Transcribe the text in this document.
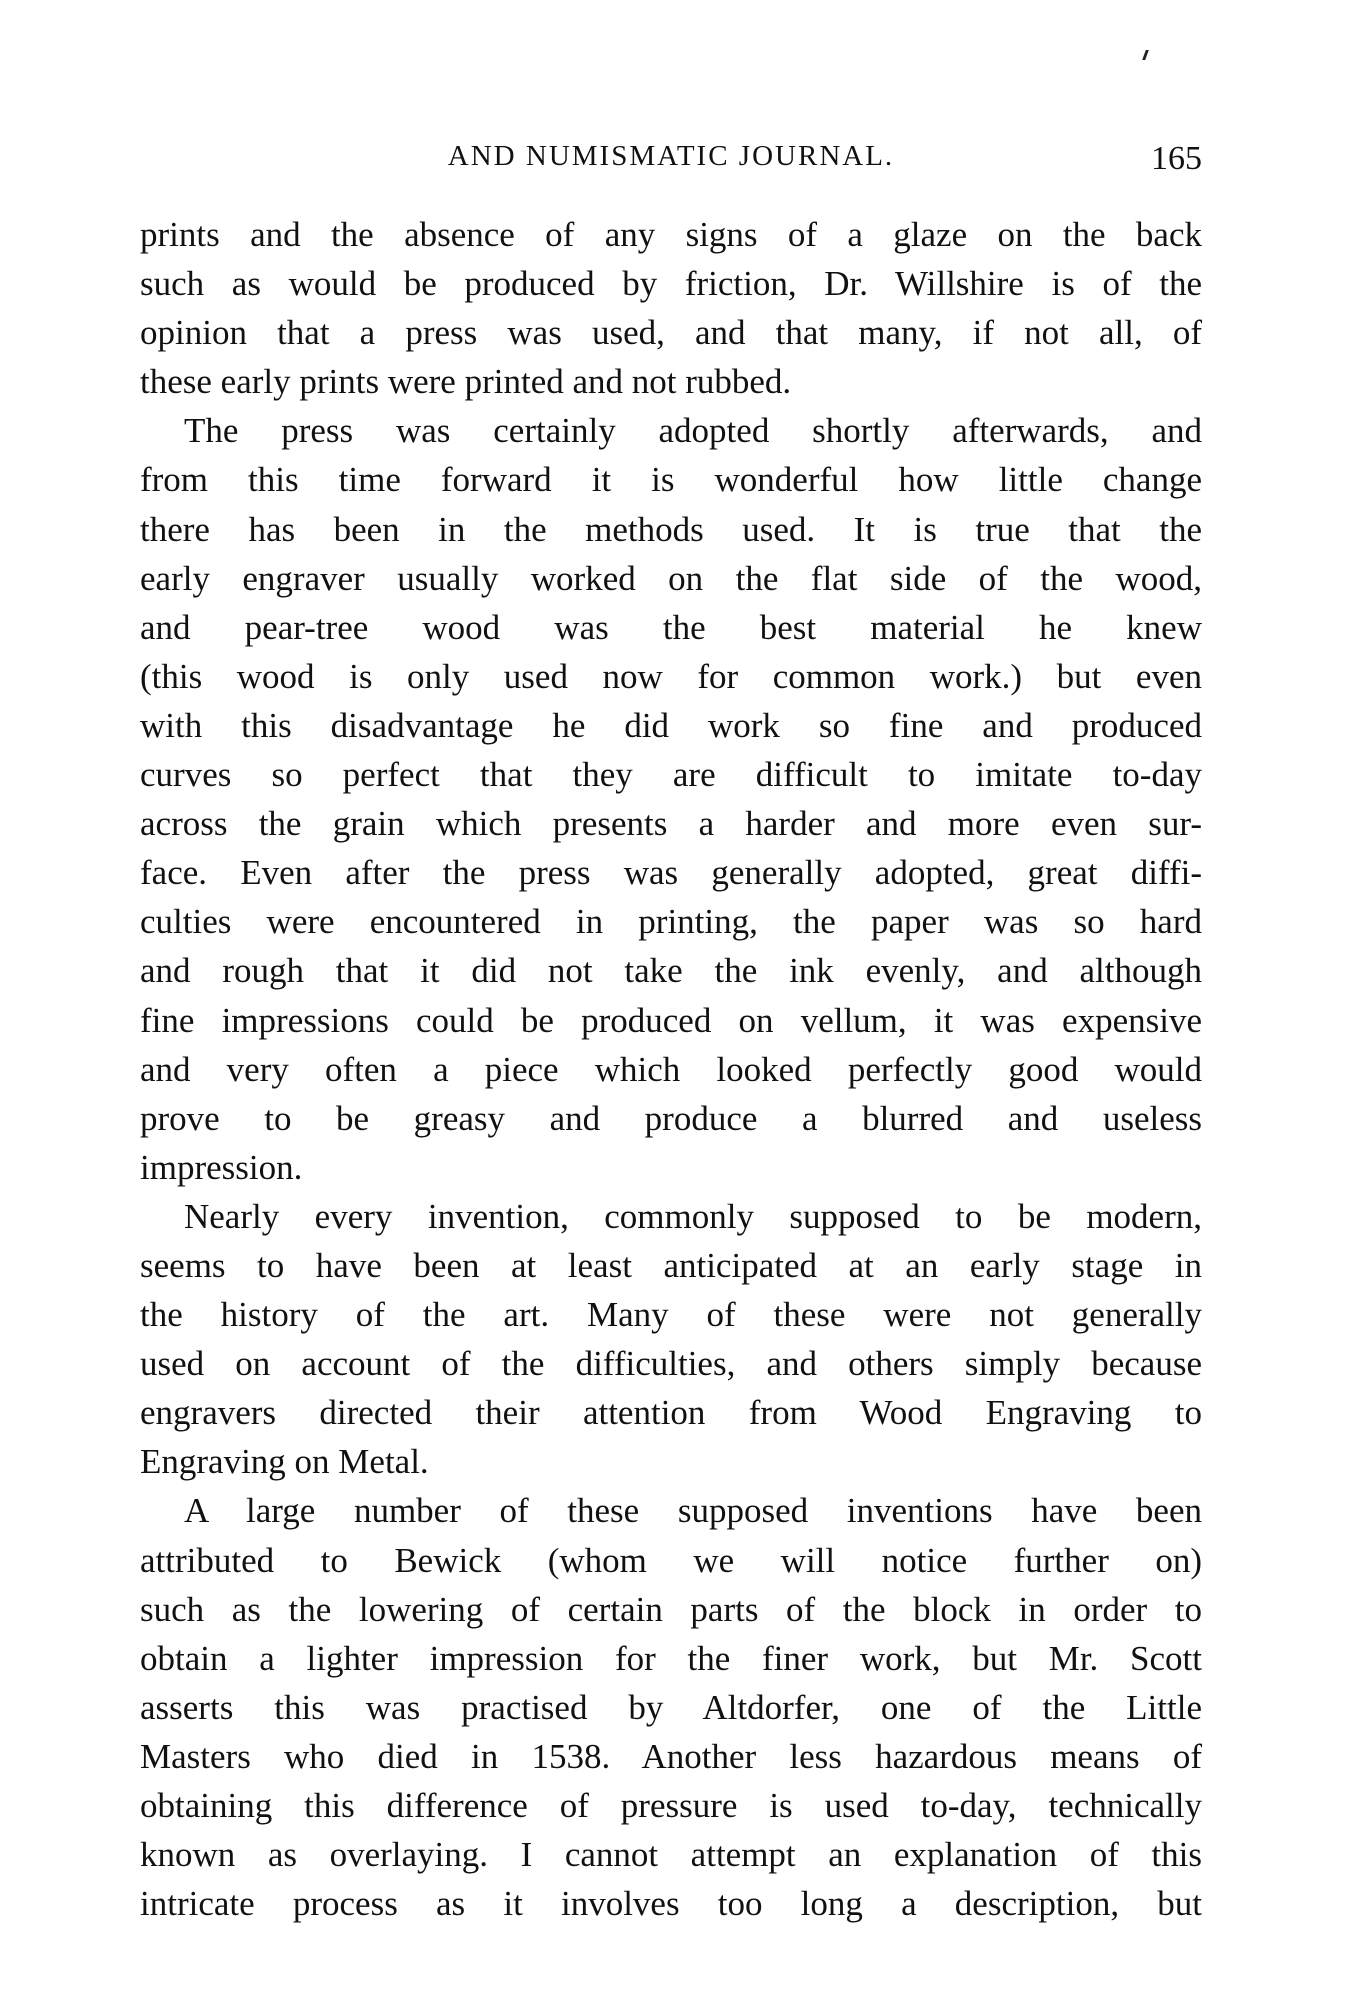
AND NUMISMATIC JOURNAL.	165
prints and the absence of any signs of a glaze on the back
such as would be produced by friction, Dr. Willshire is of the
opinion that a press was used, and that many, if not all, of
these early prints were printed and not rubbed.
The press was certainly adopted shortly afterwards, and
from this time forward it is wonderful how little change
there has been in the methods used. It is true that the
early engraver usually worked on the flat side of the wood,
and pear-tree wood was the best material he knew
(this wood is only used now for common work.) but even
with this disadvantage he did work so fine and produced
curves so perfect that they are difficult to imitate to-day
across the grain which presents a harder and more even sur-
face. Even after the press was generally adopted, great diffi-
culties were encountered in printing, the paper was so hard
and rough that it did not take the ink evenly, and although
fine impressions could be produced on vellum, it was expensive
and very often a piece which looked perfectly good would
prove to be greasy and produce a blurred and useless
impression.
Nearly every invention, commonly supposed to be modern,
seems to have been at least anticipated at an early stage in
the history of the art. Many of these were not generally
used on account of the difficulties, and others simply because
engravers directed their attention from Wood Engraving to
Engraving on Metal.
A large number of these supposed inventions have been
attributed to Bewick (whom we will notice further on)
such as the lowering of certain parts of the block in order to
obtain a lighter impression for the finer work, but Mr. Scott
asserts this was practised by Altdorfer, one of the Little
Masters who died in 1538. Another less hazardous means of
obtaining this difference of pressure is used to-day, technically
known as overlaying. I cannot attempt an explanation of this
intricate process as it involves too long a description, but
